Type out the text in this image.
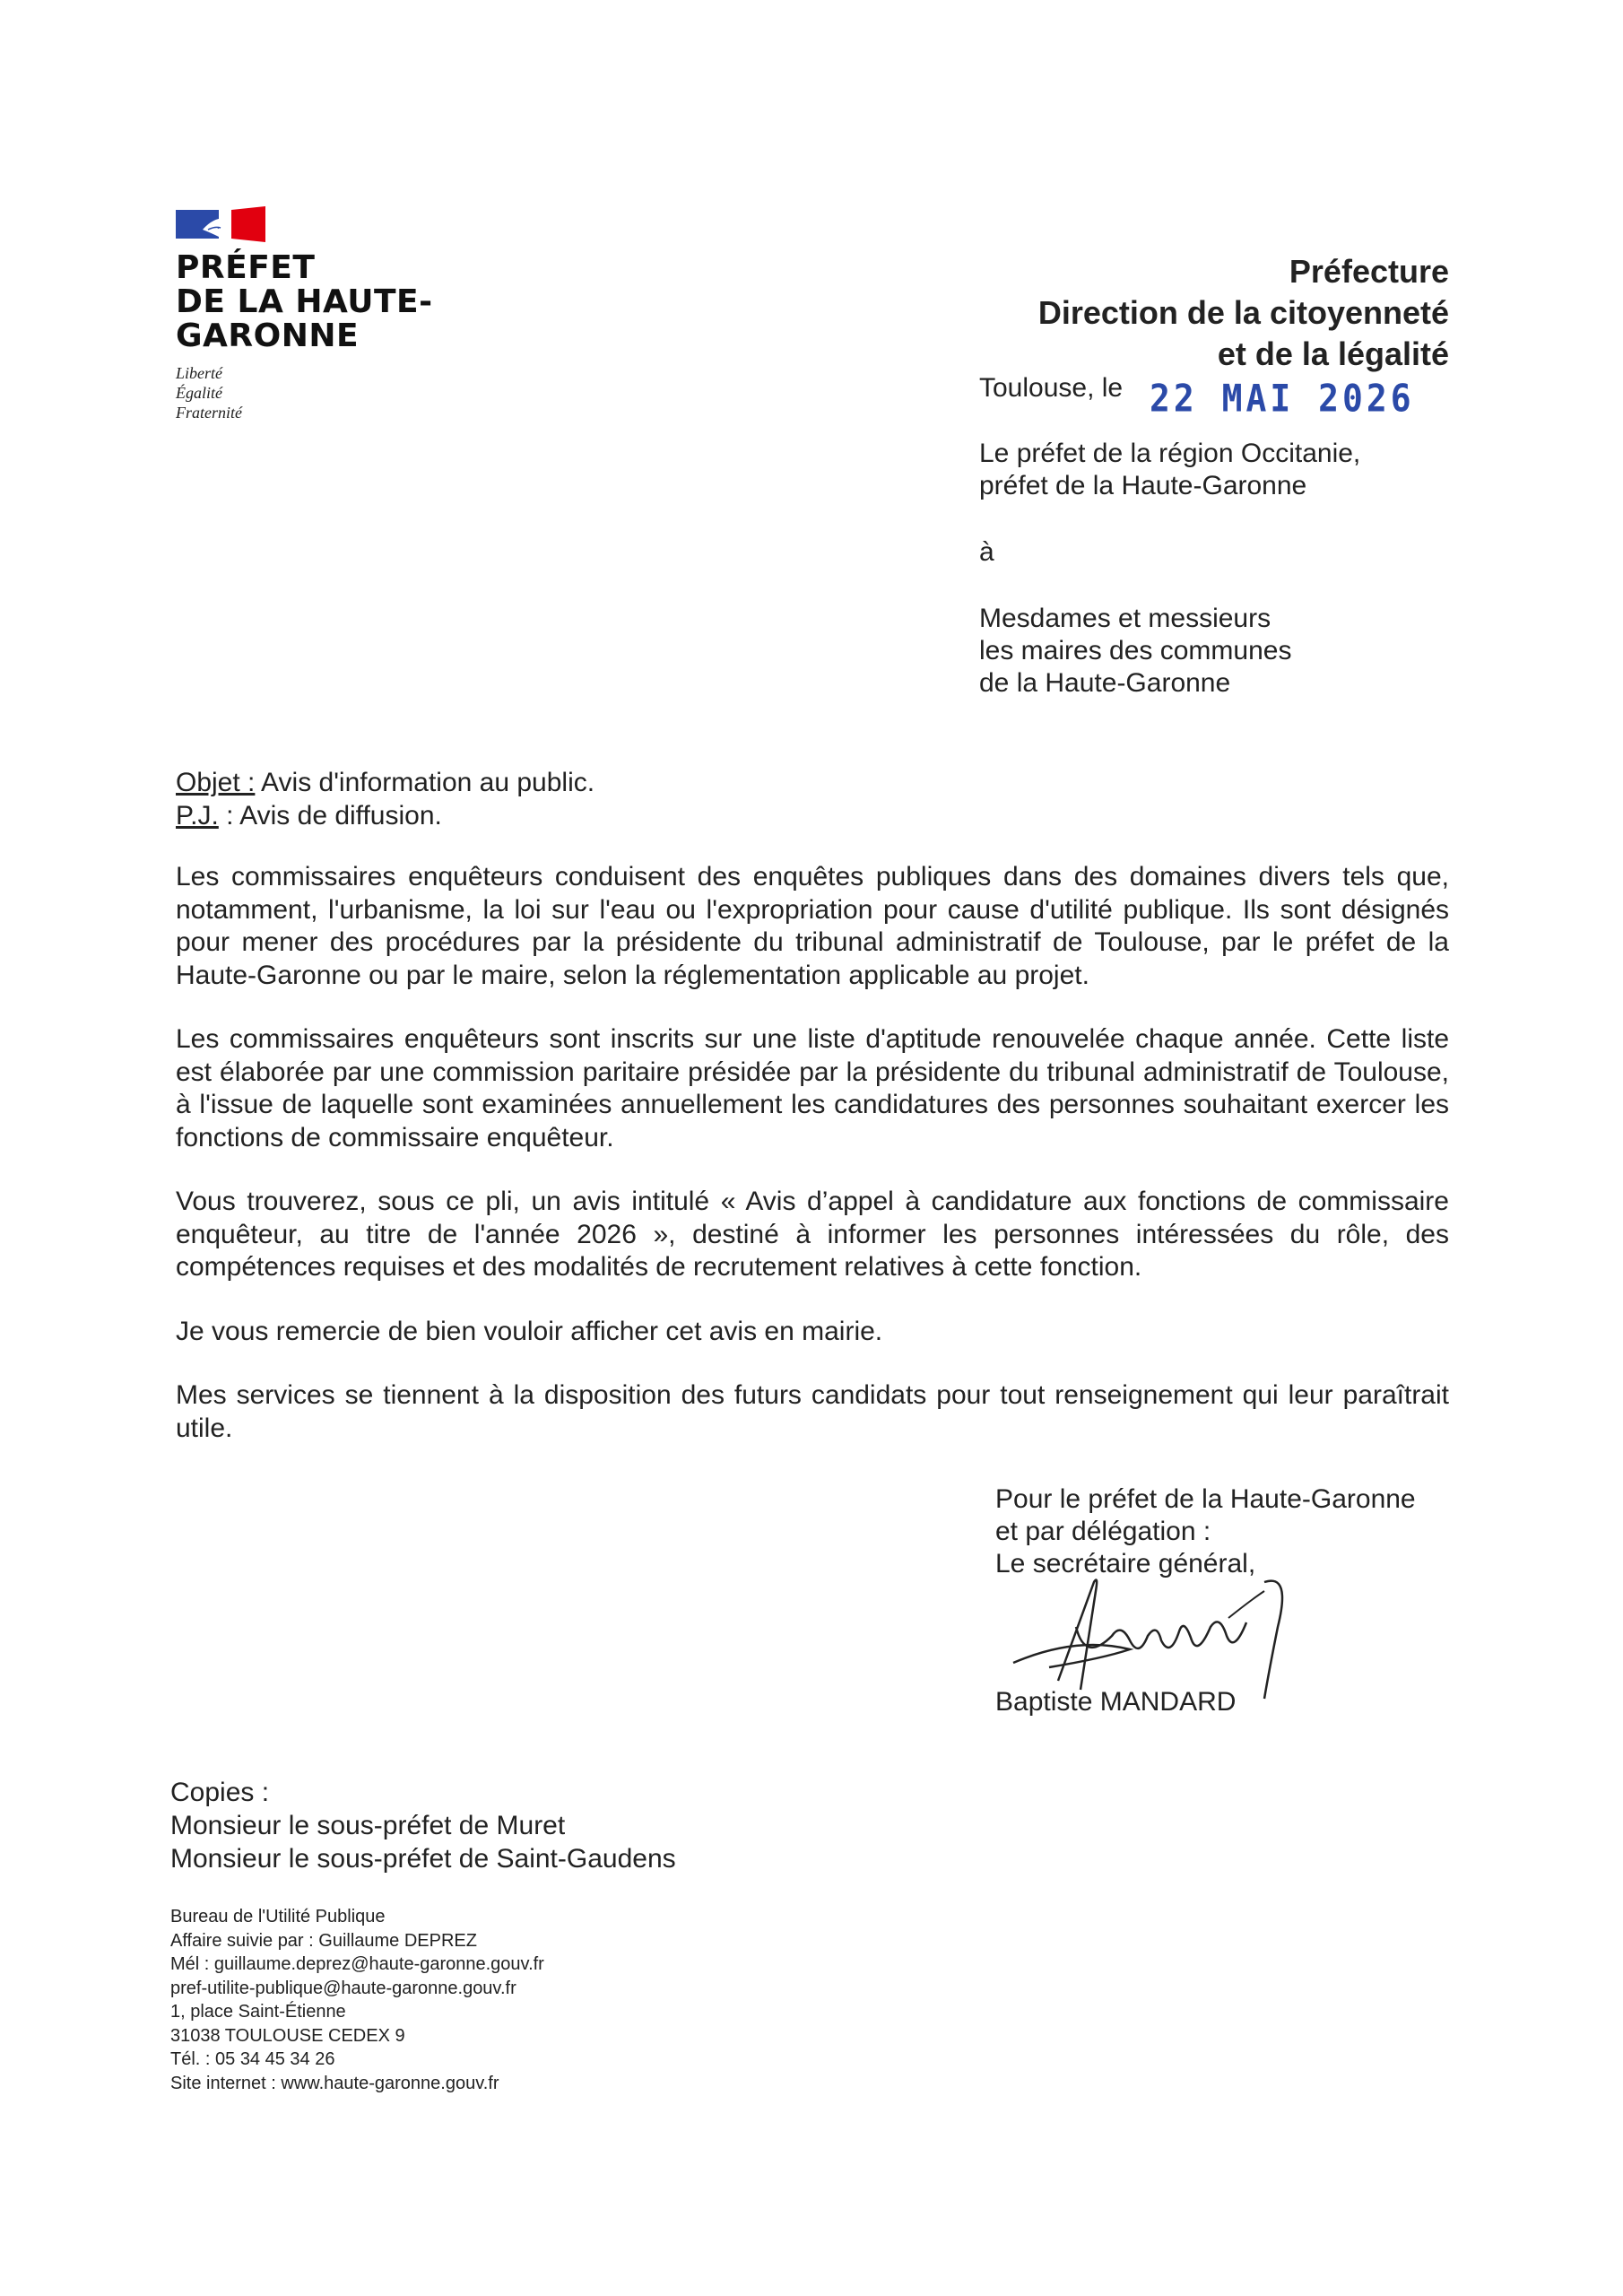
PRÉFET
DE LA HAUTE-
GARONNE
Liberté
Égalité
Fraternité
Préfecture
Direction de la citoyenneté
et de la légalité
Toulouse, le 22 MAI 2026
Le préfet de la région Occitanie,
préfet de la Haute-Garonne
à
Mesdames et messieurs
les maires des communes
de la Haute-Garonne
Objet : Avis d'information au public.
P.J. : Avis de diffusion.

Les commissaires enquêteurs conduisent des enquêtes publiques dans des domaines divers tels que, notamment, l'urbanisme, la loi sur l'eau ou l'expropriation pour cause d'utilité publique. Ils sont désignés pour mener des procédures par la présidente du tribunal administratif de Toulouse, par le préfet de la Haute-Garonne ou par le maire, selon la réglementation applicable au projet.

Les commissaires enquêteurs sont inscrits sur une liste d'aptitude renouvelée chaque année. Cette liste est élaborée par une commission paritaire présidée par la présidente du tribunal administratif de Toulouse, à l'issue de laquelle sont examinées annuellement les candidatures des personnes souhaitant exercer les fonctions de commissaire enquêteur.

Vous trouverez, sous ce pli, un avis intitulé « Avis d’appel à candidature aux fonctions de commissaire enquêteur, au titre de l'année 2026 », destiné à informer les personnes intéressées du rôle, des compétences requises et des modalités de recrutement relatives à cette fonction.

Je vous remercie de bien vouloir afficher cet avis en mairie.

Mes services se tiennent à la disposition des futurs candidats pour tout renseignement qui leur paraîtrait utile.

Pour le préfet de la Haute-Garonne
et par délégation :
Le secrétaire général,
Baptiste MANDARD
Copies :
Monsieur le sous-préfet de Muret
Monsieur le sous-préfet de Saint-Gaudens
Bureau de l'Utilité Publique
Affaire suivie par : Guillaume DEPREZ
Mél : guillaume.deprez@haute-garonne.gouv.fr
pref-utilite-publique@haute-garonne.gouv.fr
1, place Saint-Étienne
31038 TOULOUSE CEDEX 9
Tél. : 05 34 45 34 26
Site internet : www.haute-garonne.gouv.fr
